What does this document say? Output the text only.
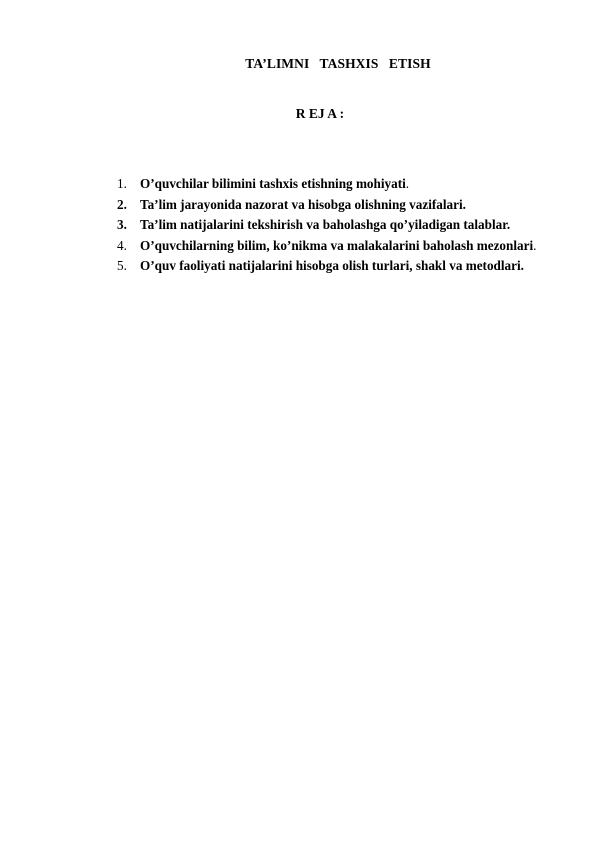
TA’LIMNI   TASHXIS   ETISH
R EJ A :
1. O’quvchilar bilimini tashxis etishning mohiyati.
2. Ta’lim jarayonida nazorat va hisobga olishning vazifalari.
3. Ta’lim natijalarini tekshirish va baholashga qo’yiladigan talablar.
4. O’quvchilarning bilim, ko’nikma va malakalarini baholash mezonlari.
5. O’quv faoliyati natijalarini hisobga olish turlari, shakl va metodlari.
